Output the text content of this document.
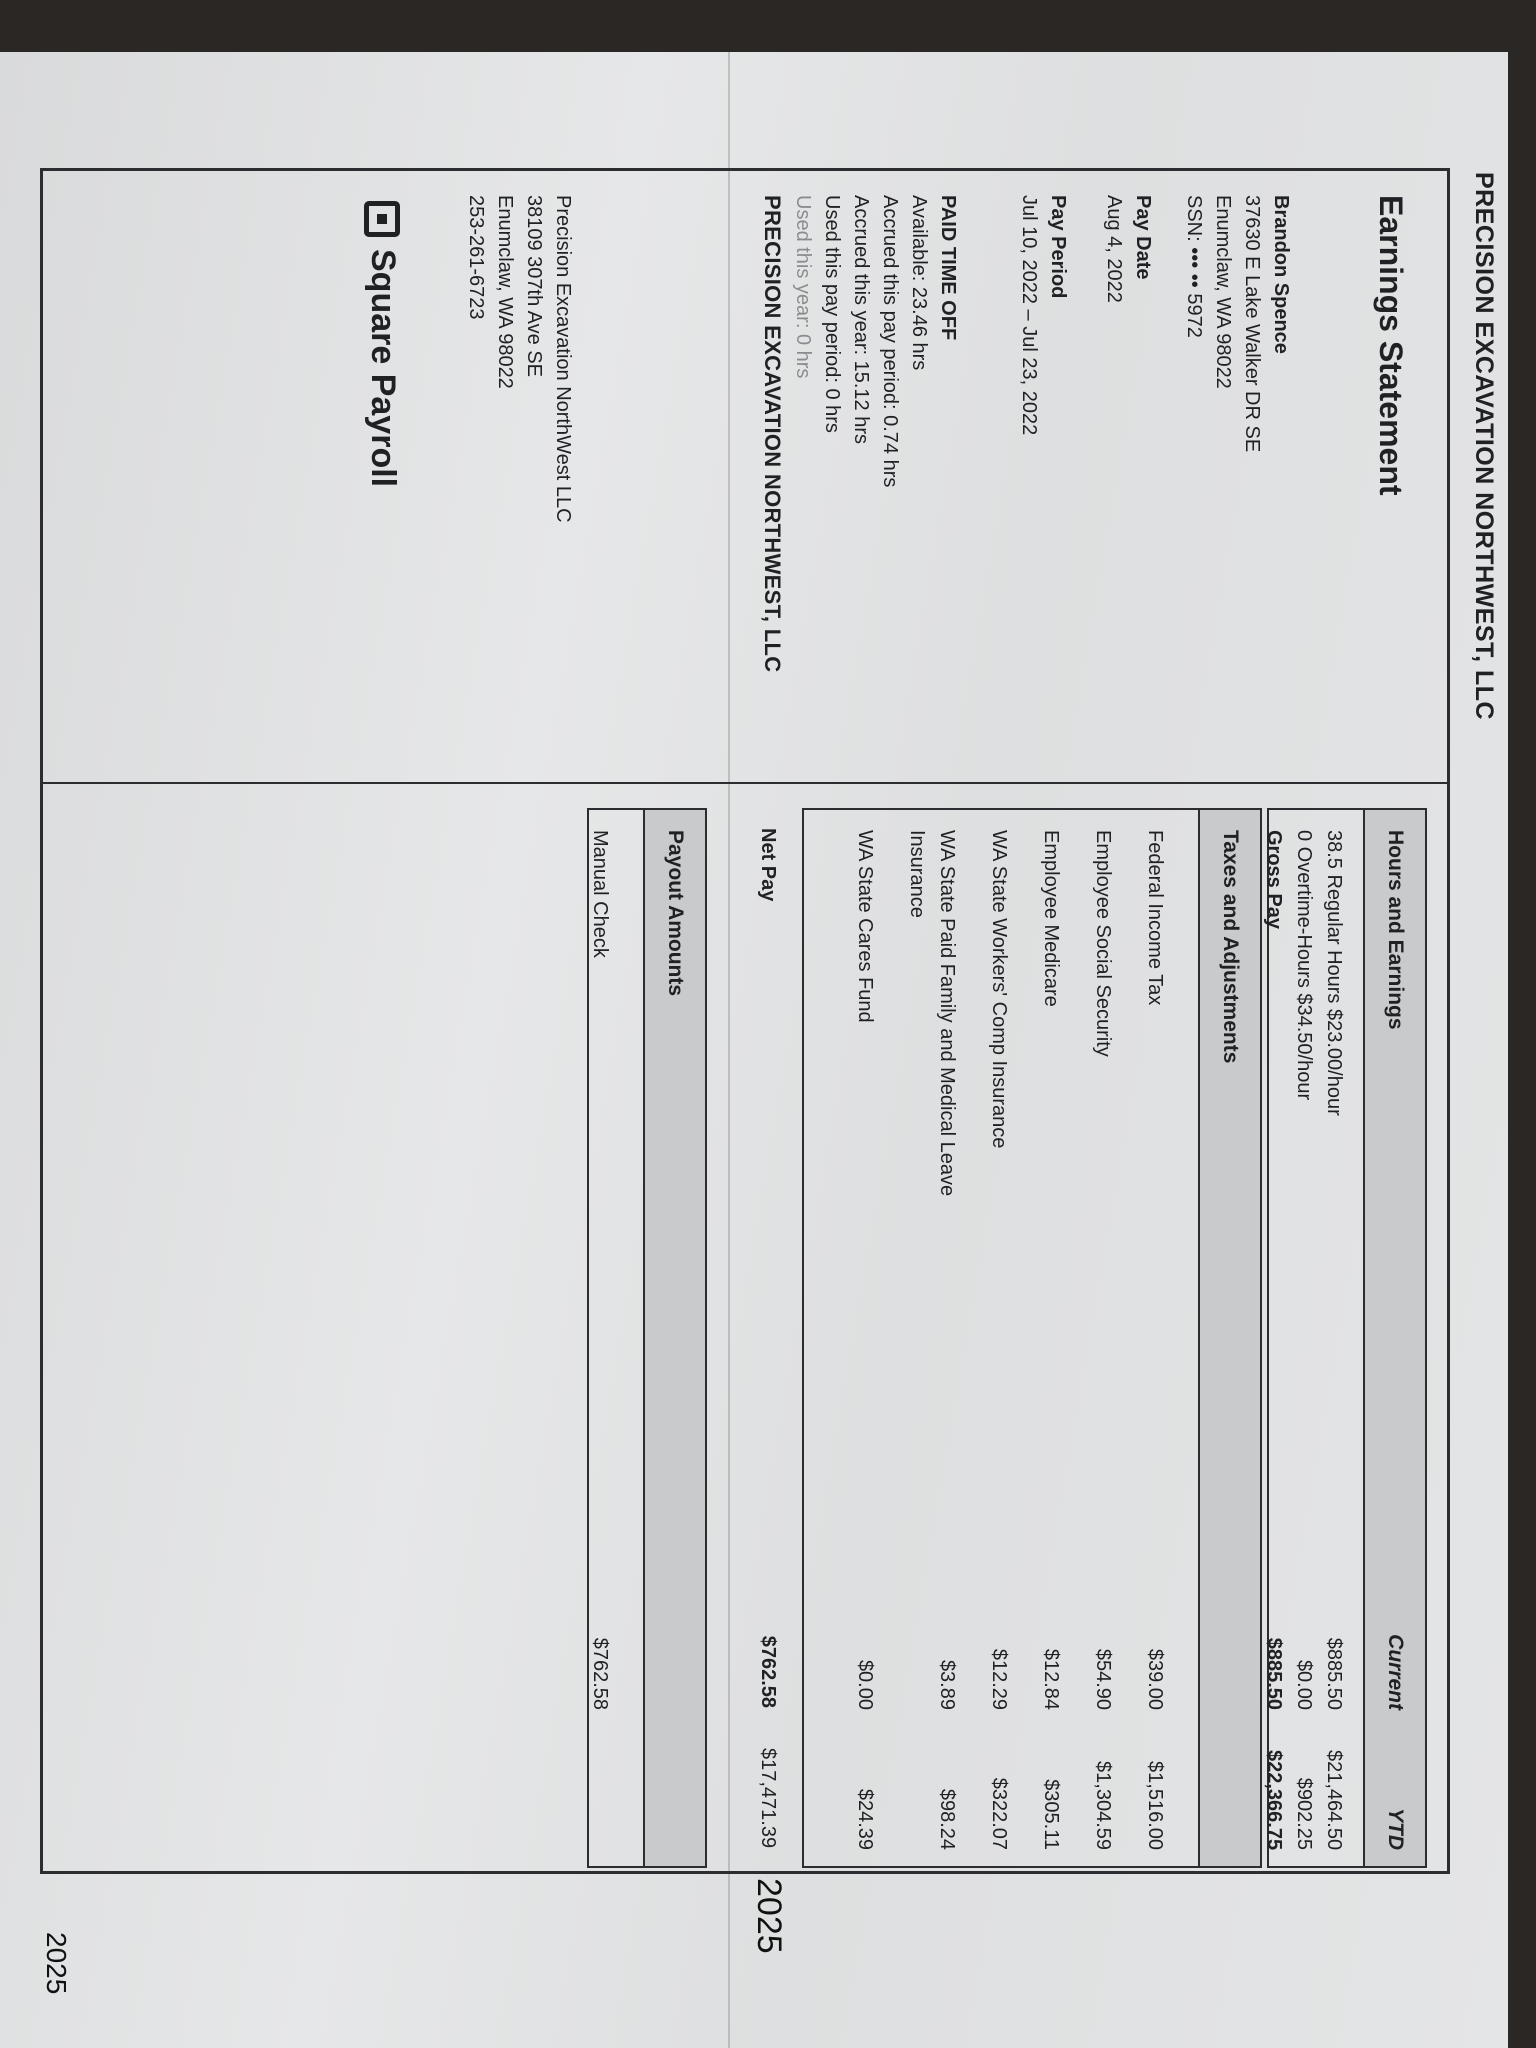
PRECISION EXCAVATION NORTHWEST, LLC
Earnings Statement
Brandon Spence
37630 E Lake Walker DR SE
Enumclaw, WA 98022
SSN: ••• •• 5972
Pay Date
Aug 4, 2022
Pay Period
Jul 10, 2022 – Jul 23, 2022
PAID TIME OFF
Available: 23.46 hrs
Accrued this pay period: 0.74 hrs
Accrued this year: 15.12 hrs
Used this pay period: 0 hrs
Used this year: 0 hrs
PRECISION EXCAVATION NORTHWEST, LLC
Precision Excavation NorthWest LLC
38109 307th Ave SE
Enumclaw, WA 98022
253-261-6723
Square Payroll
Hours and Earnings
Current
YTD
38.5 Regular Hours $23.00/hour
$885.50
$21,464.50
0 Overtime-Hours $34.50/hour
$0.00
$902.25
Gross Pay
$885.50
$22,366.75
Taxes and Adjustments
Federal Income Tax
$39.00
$1,516.00
Employee Social Security
$54.90
$1,304.59
Employee Medicare
$12.84
$305.11
WA State Workers' Comp Insurance
$12.29
$322.07
WA State Paid Family and Medical Leave
Insurance
$3.89
$98.24
WA State Cares Fund
$0.00
$24.39
Net Pay
$762.58
$17,471.39
Payout Amounts
Manual Check
$762.58
2025
2025
